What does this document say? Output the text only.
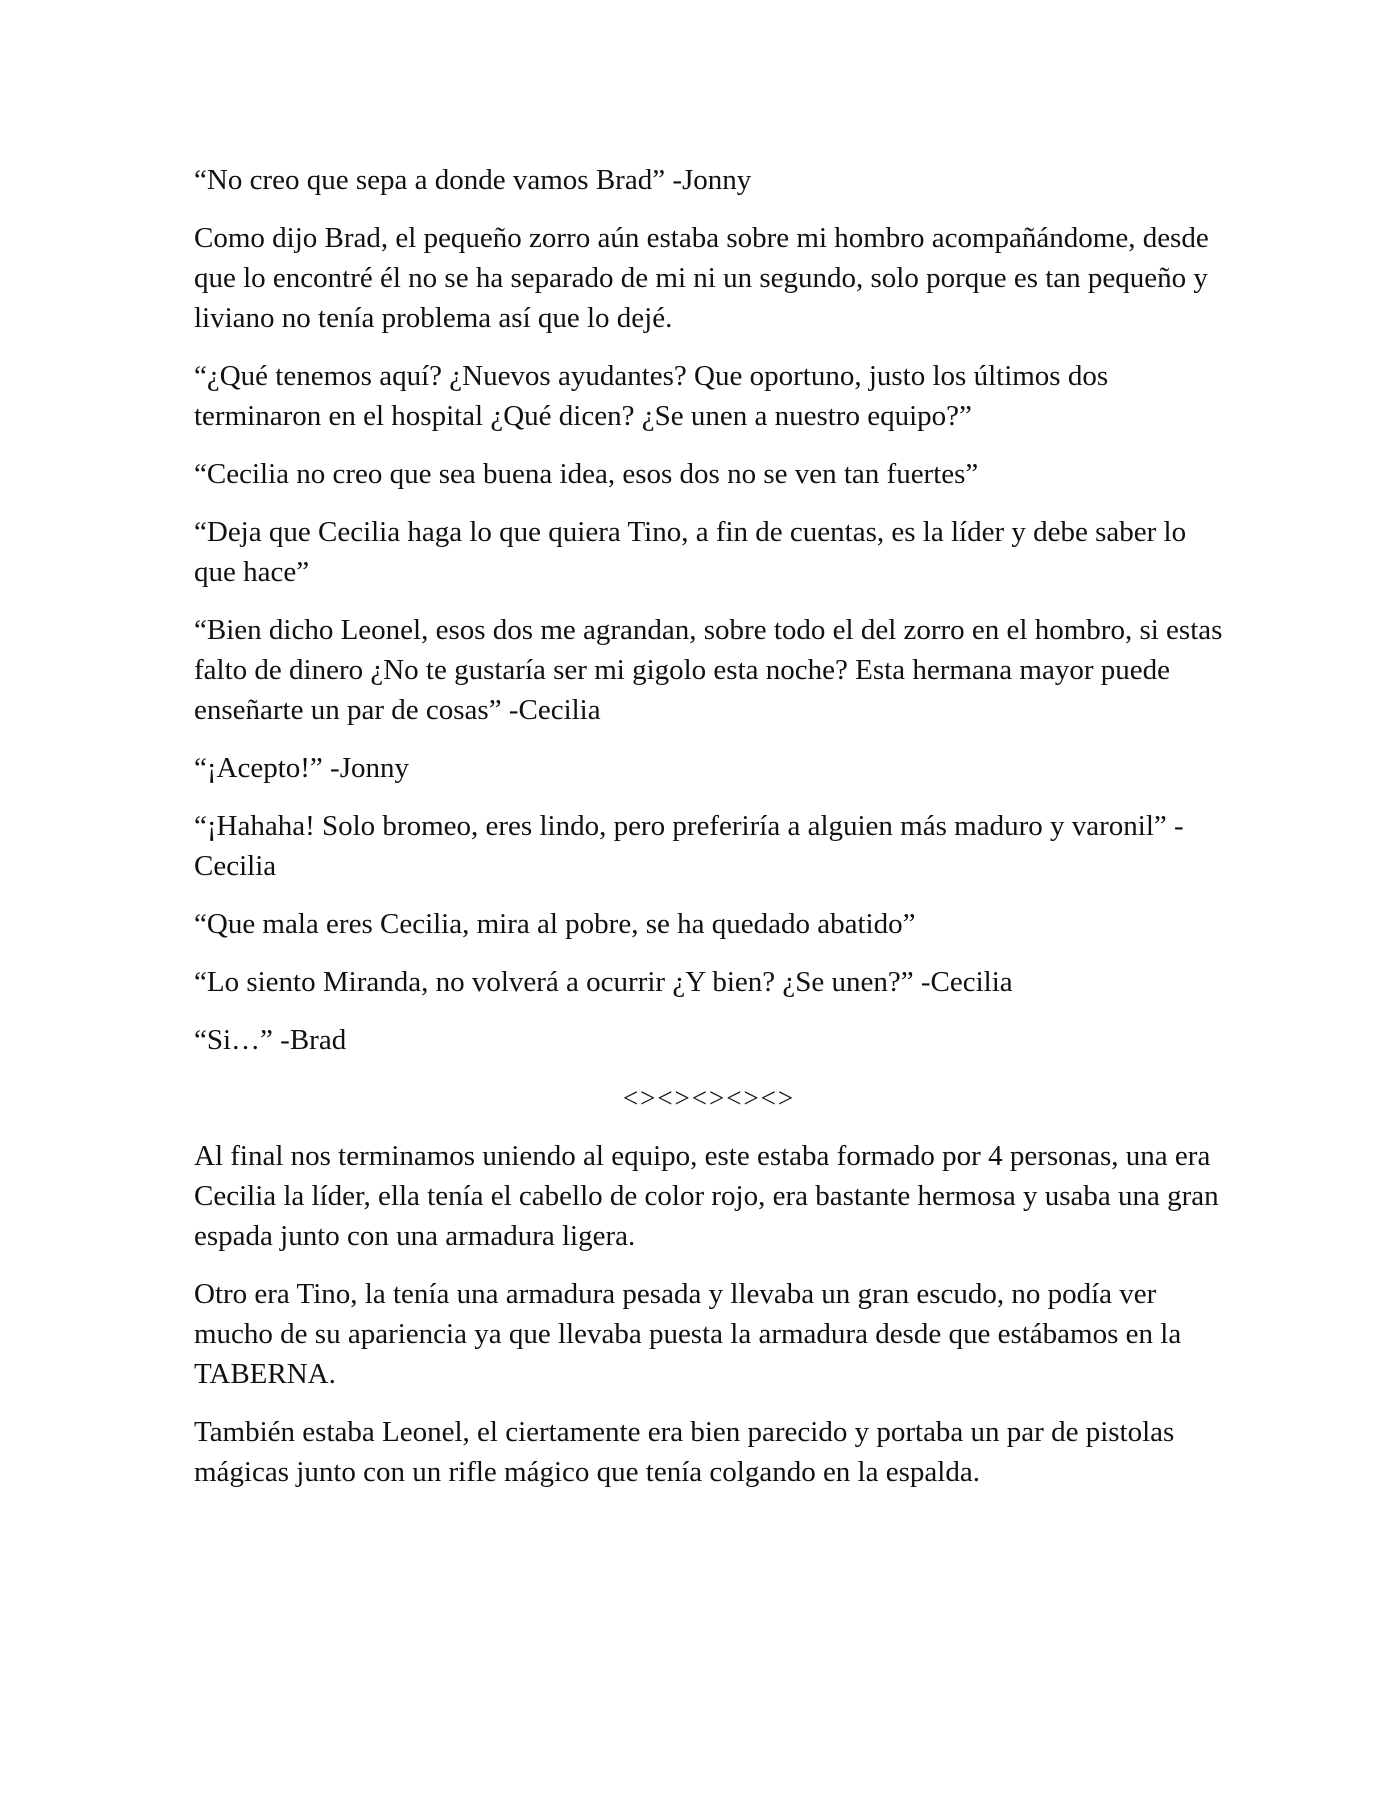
“No creo que sepa a donde vamos Brad” -Jonny

Como dijo Brad, el pequeño zorro aún estaba sobre mi hombro acompañándome, desde que lo encontré él no se ha separado de mi ni un segundo, solo porque es tan pequeño y liviano no tenía problema así que lo dejé.

“¿Qué tenemos aquí? ¿Nuevos ayudantes? Que oportuno, justo los últimos dos terminaron en el hospital ¿Qué dicen? ¿Se unen a nuestro equipo?”

“Cecilia no creo que sea buena idea, esos dos no se ven tan fuertes”

“Deja que Cecilia haga lo que quiera Tino, a fin de cuentas, es la líder y debe saber lo que hace”

“Bien dicho Leonel, esos dos me agrandan, sobre todo el del zorro en el hombro, si estas falto de dinero ¿No te gustaría ser mi gigolo esta noche? Esta hermana mayor puede enseñarte un par de cosas” -Cecilia

“¡Acepto!” -Jonny

“¡Hahaha! Solo bromeo, eres lindo, pero preferiría a alguien más maduro y varonil” -Cecilia

“Que mala eres Cecilia, mira al pobre, se ha quedado abatido”

“Lo siento Miranda, no volverá a ocurrir ¿Y bien? ¿Se unen?” -Cecilia

“Si…” -Brad

<><><><><>

Al final nos terminamos uniendo al equipo, este estaba formado por 4 personas, una era Cecilia la líder, ella tenía el cabello de color rojo, era bastante hermosa y usaba una gran espada junto con una armadura ligera.

Otro era Tino, la tenía una armadura pesada y llevaba un gran escudo, no podía ver mucho de su apariencia ya que llevaba puesta la armadura desde que estábamos en la TABERNA.

También estaba Leonel, el ciertamente era bien parecido y portaba un par de pistolas mágicas junto con un rifle mágico que tenía colgando en la espalda.
